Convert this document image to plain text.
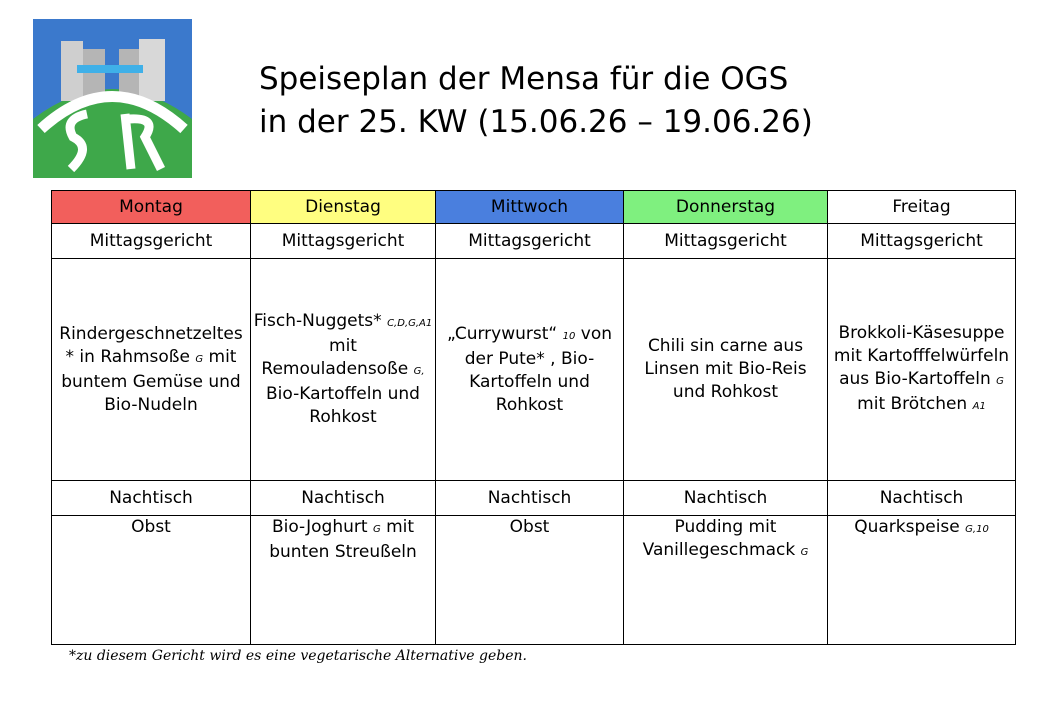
Speiseplan der Mensa für die OGS
in der 25. KW (15.06.26 – 19.06.26)
Montag	Dienstag	Mittwoch	Donnerstag	Freitag
Mittagsgericht	Mittagsgericht	Mittagsgericht	Mittagsgericht	Mittagsgericht
Rindergeschnetzeltes * in Rahmsoße G mit buntem Gemüse und Bio-Nudeln	Fisch-Nuggets* C,D,G,A1 mit Remouladensoße G, Bio-Kartoffeln und Rohkost	„Currywurst“ 10 von der Pute* , Bio-Kartoffeln und Rohkost	Chili sin carne aus Linsen mit Bio-Reis und Rohkost	Brokkoli-Käsesuppe mit Kartofffelwürfeln aus Bio-Kartoffeln G mit Brötchen A1
Nachtisch	Nachtisch	Nachtisch	Nachtisch	Nachtisch
Obst	Bio-Joghurt G mit bunten Streußeln	Obst	Pudding mit Vanillegeschmack G	Quarkspeise G,10
*zu diesem Gericht wird es eine vegetarische Alternative geben.
